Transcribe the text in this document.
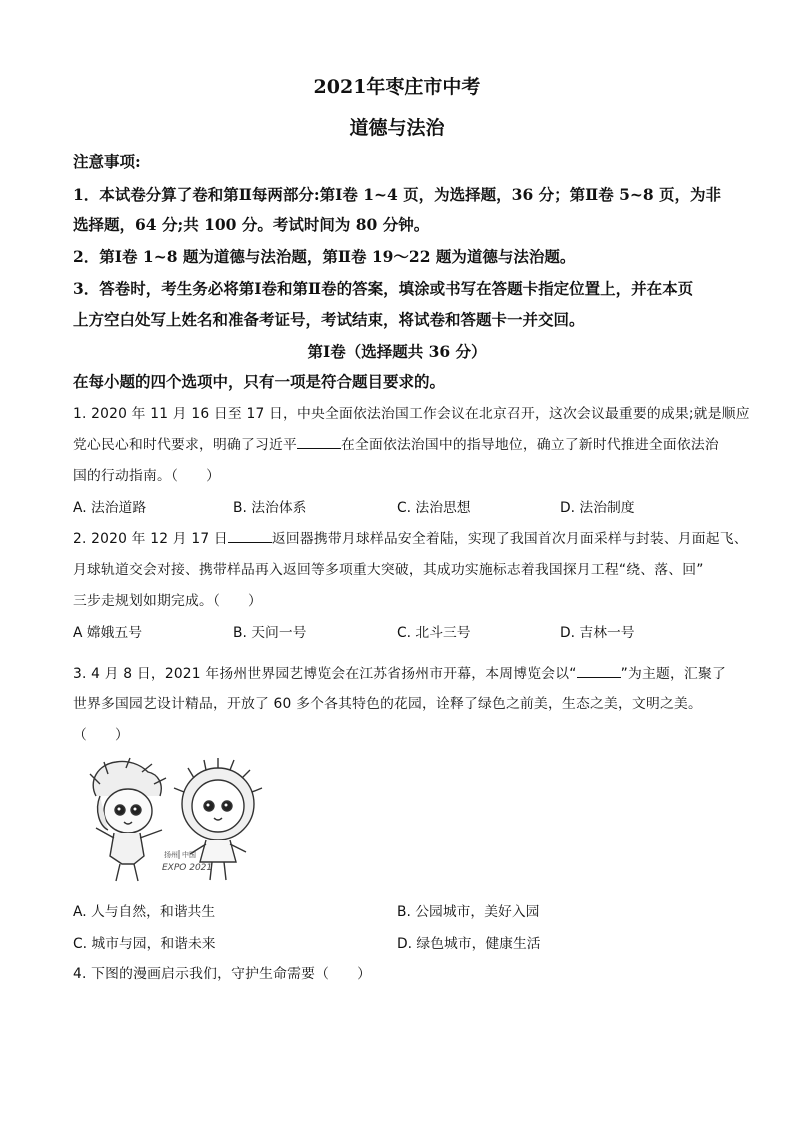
2021年枣庄市中考
道德与法治
注意事项:
1．本试卷分算了卷和第Ⅱ每两部分:第Ⅰ卷 1~4 页，为选择题，36 分；第Ⅱ卷 5~8 页，为非
选择题，64 分;共 100 分。考试时间为 80 分钟。
2．第Ⅰ卷 1~8 题为道德与法治题，第Ⅱ卷 19～22 题为道德与法治题。
3．答卷时，考生务必将第Ⅰ卷和第Ⅱ卷的答案，填涂或书写在答题卡指定位置上，并在本页
上方空白处写上姓名和准备考证号，考试结束，将试卷和答题卡一并交回。
第Ⅰ卷（选择题共 36 分）
在每小题的四个选项中，只有一项是符合题目要求的。
1. 2020 年 11 月 16 日至 17 日，中央全面依法治国工作会议在北京召开，这次会议最重要的成果;就是顺应
党心民心和时代要求，明确了习近平	在全面依法治国中的指导地位，确立了新时代推进全面依法治
国的行动指南。（　　）
A. 法治道路	B. 法治体系	C. 法治思想	D. 法治制度
2. 2020 年 12 月 17 日	返回器携带月球样品安全着陆，实现了我国首次月面采样与封装、月面起飞、
月球轨道交会对接、携带样品再入返回等多项重大突破，其成功实施标志着我国探月工程“绕、落、回”
三步走规划如期完成。（　　）
A 嫦娥五号	B. 天问一号	C. 北斗三号	D. 吉林一号
3. 4 月 8 日，2021 年扬州世界园艺博览会在江苏省扬州市开幕，本周博览会以“	”为主题，汇聚了
世界多国园艺设计精品，开放了 60 多个各其特色的花园，诠释了绿色之前美，生态之美，文明之美。
（　　）
扬州 中国
EXPO 2021
A. 人与自然，和谐共生	B. 公园城市，美好入园
C. 城市与园，和谐未来	D. 绿色城市，健康生活
4. 下图的漫画启示我们，守护生命需要（　　）
